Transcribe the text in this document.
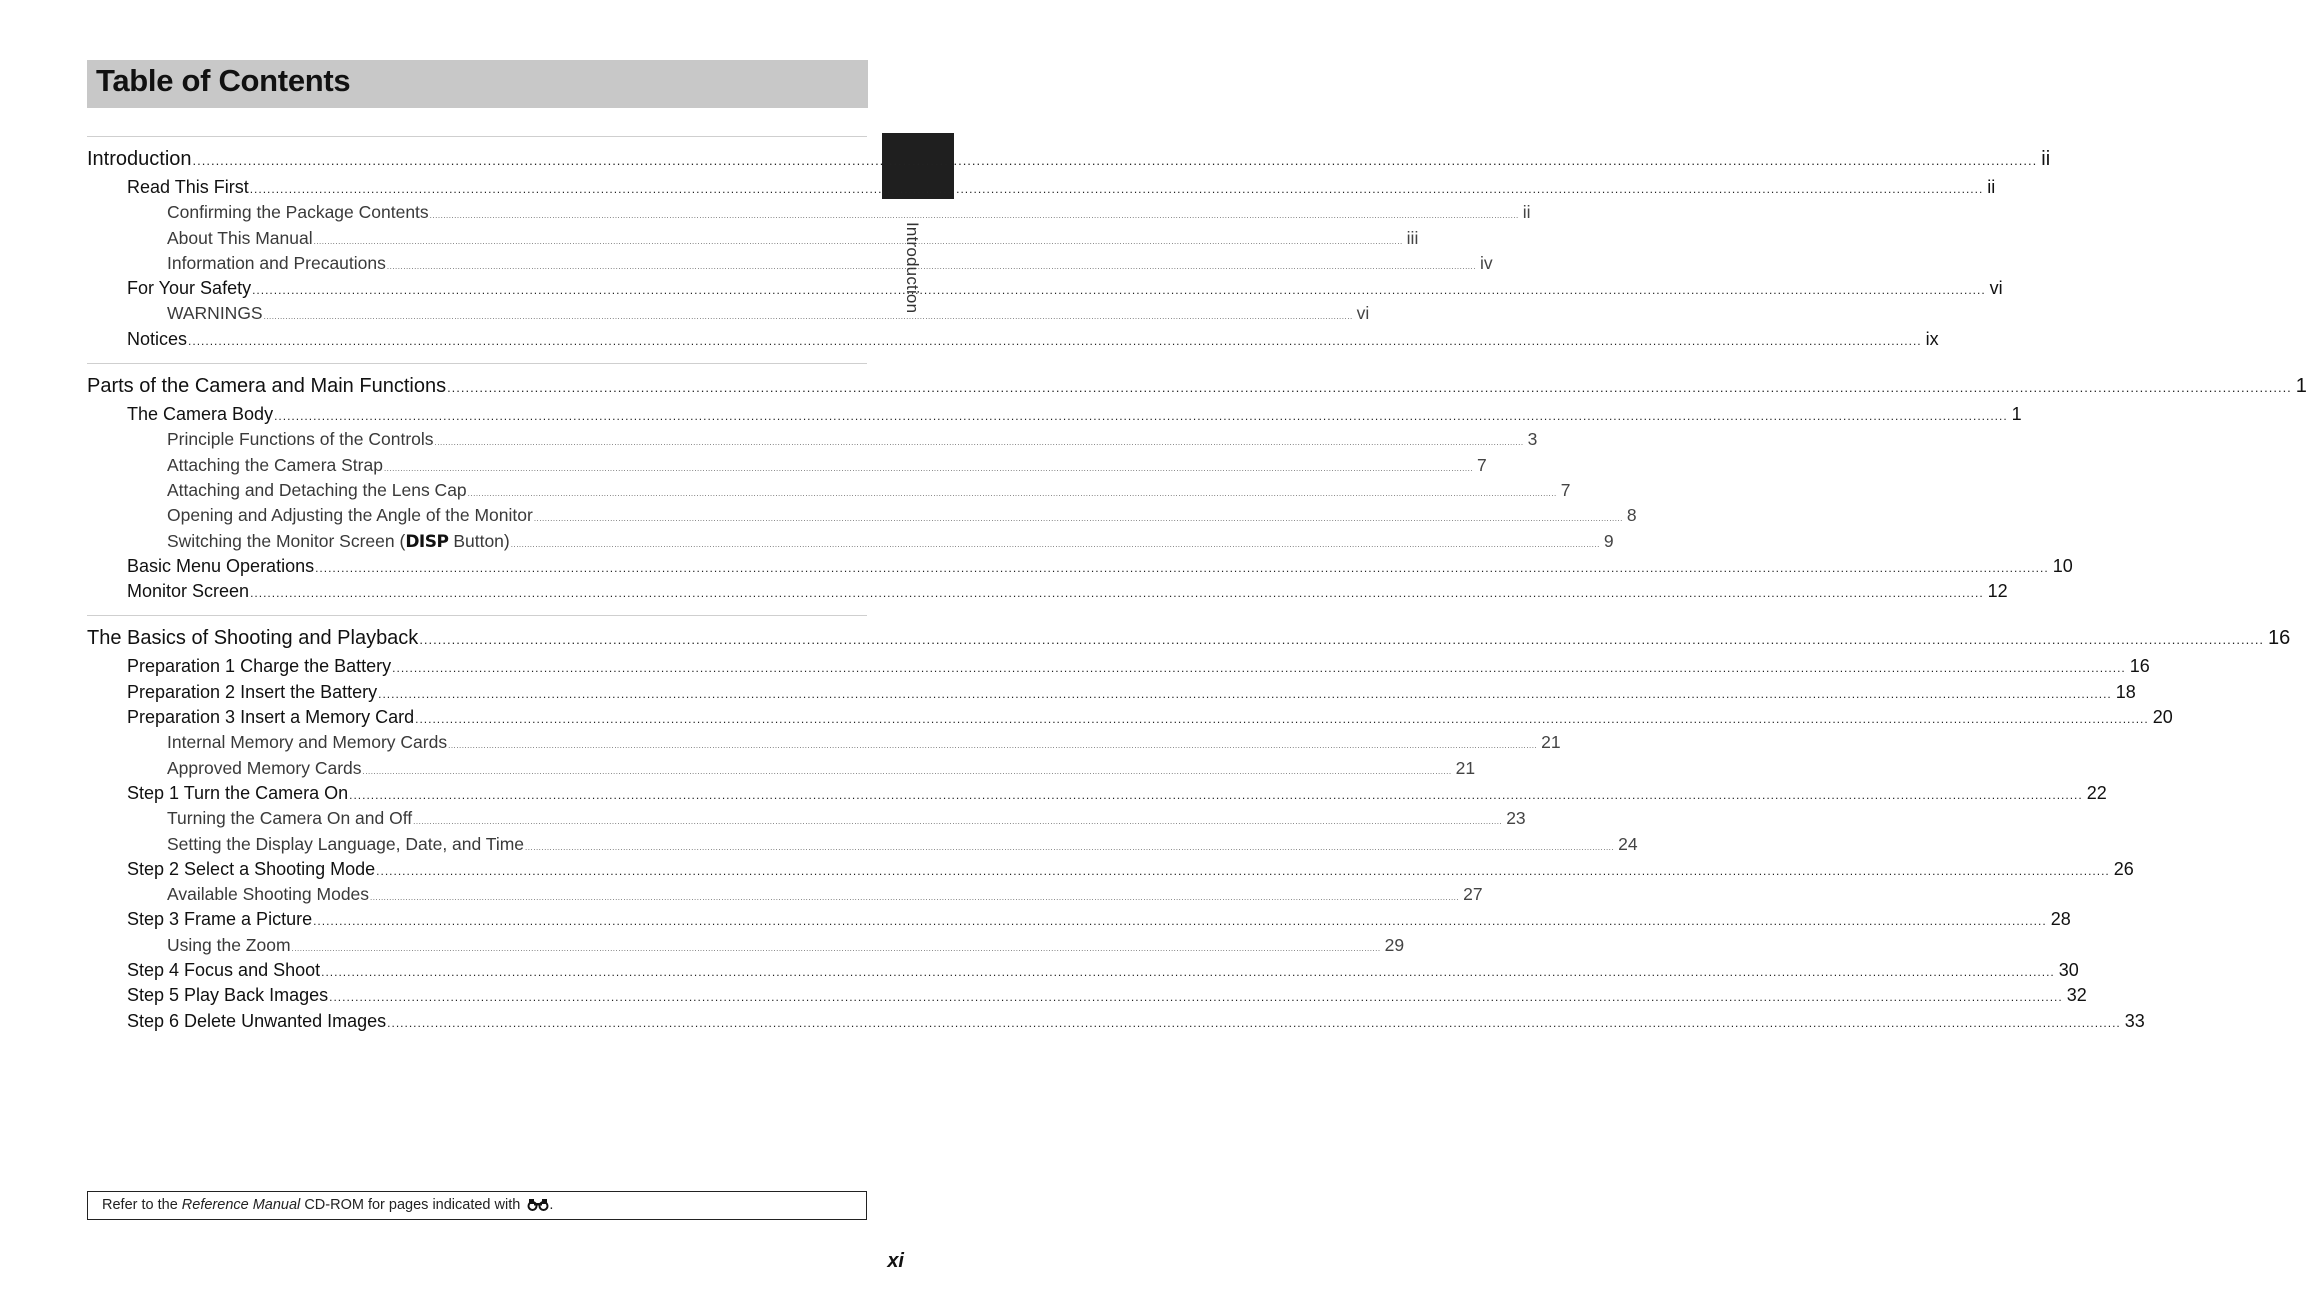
Table of Contents
Introduction
Introduction ................................................................................................................................................................................................................................................................................................................................................................................................................ ii
Read This First ................................................................................................................................................................................................................................................................................................................................................................................................................ ii
Confirming the Package Contents ................................................................................................................................................................................................................................................................................................................................................................................................................ ii
About This Manual ................................................................................................................................................................................................................................................................................................................................................................................................................ iii
Information and Precautions ................................................................................................................................................................................................................................................................................................................................................................................................................ iv
For Your Safety ................................................................................................................................................................................................................................................................................................................................................................................................................ vi
WARNINGS ................................................................................................................................................................................................................................................................................................................................................................................................................ vi
Notices ................................................................................................................................................................................................................................................................................................................................................................................................................ ix
Parts of the Camera and Main Functions ................................................................................................................................................................................................................................................................................................................................................................................................................ 1
The Camera Body ................................................................................................................................................................................................................................................................................................................................................................................................................ 1
Principle Functions of the Controls ................................................................................................................................................................................................................................................................................................................................................................................................................ 3
Attaching the Camera Strap ................................................................................................................................................................................................................................................................................................................................................................................................................ 7
Attaching and Detaching the Lens Cap ................................................................................................................................................................................................................................................................................................................................................................................................................ 7
Opening and Adjusting the Angle of the Monitor ................................................................................................................................................................................................................................................................................................................................................................................................................ 8
Switching the Monitor Screen (DISP Button) ................................................................................................................................................................................................................................................................................................................................................................................................................ 9
Basic Menu Operations ................................................................................................................................................................................................................................................................................................................................................................................................................ 10
Monitor Screen ................................................................................................................................................................................................................................................................................................................................................................................................................ 12
The Basics of Shooting and Playback ................................................................................................................................................................................................................................................................................................................................................................................................................ 16
Preparation 1 Charge the Battery ................................................................................................................................................................................................................................................................................................................................................................................................................ 16
Preparation 2 Insert the Battery ................................................................................................................................................................................................................................................................................................................................................................................................................ 18
Preparation 3 Insert a Memory Card ................................................................................................................................................................................................................................................................................................................................................................................................................ 20
Internal Memory and Memory Cards ................................................................................................................................................................................................................................................................................................................................................................................................................ 21
Approved Memory Cards ................................................................................................................................................................................................................................................................................................................................................................................................................ 21
Step 1 Turn the Camera On ................................................................................................................................................................................................................................................................................................................................................................................................................ 22
Turning the Camera On and Off ................................................................................................................................................................................................................................................................................................................................................................................................................ 23
Setting the Display Language, Date, and Time ................................................................................................................................................................................................................................................................................................................................................................................................................ 24
Step 2 Select a Shooting Mode ................................................................................................................................................................................................................................................................................................................................................................................................................ 26
Available Shooting Modes ................................................................................................................................................................................................................................................................................................................................................................................................................ 27
Step 3 Frame a Picture ................................................................................................................................................................................................................................................................................................................................................................................................................ 28
Using the Zoom ................................................................................................................................................................................................................................................................................................................................................................................................................ 29
Step 4 Focus and Shoot ................................................................................................................................................................................................................................................................................................................................................................................................................ 30
Step 5 Play Back Images ................................................................................................................................................................................................................................................................................................................................................................................................................ 32
Step 6 Delete Unwanted Images ................................................................................................................................................................................................................................................................................................................................................................................................................ 33
Refer to the Reference Manual CD-ROM for pages indicated with .
xi
